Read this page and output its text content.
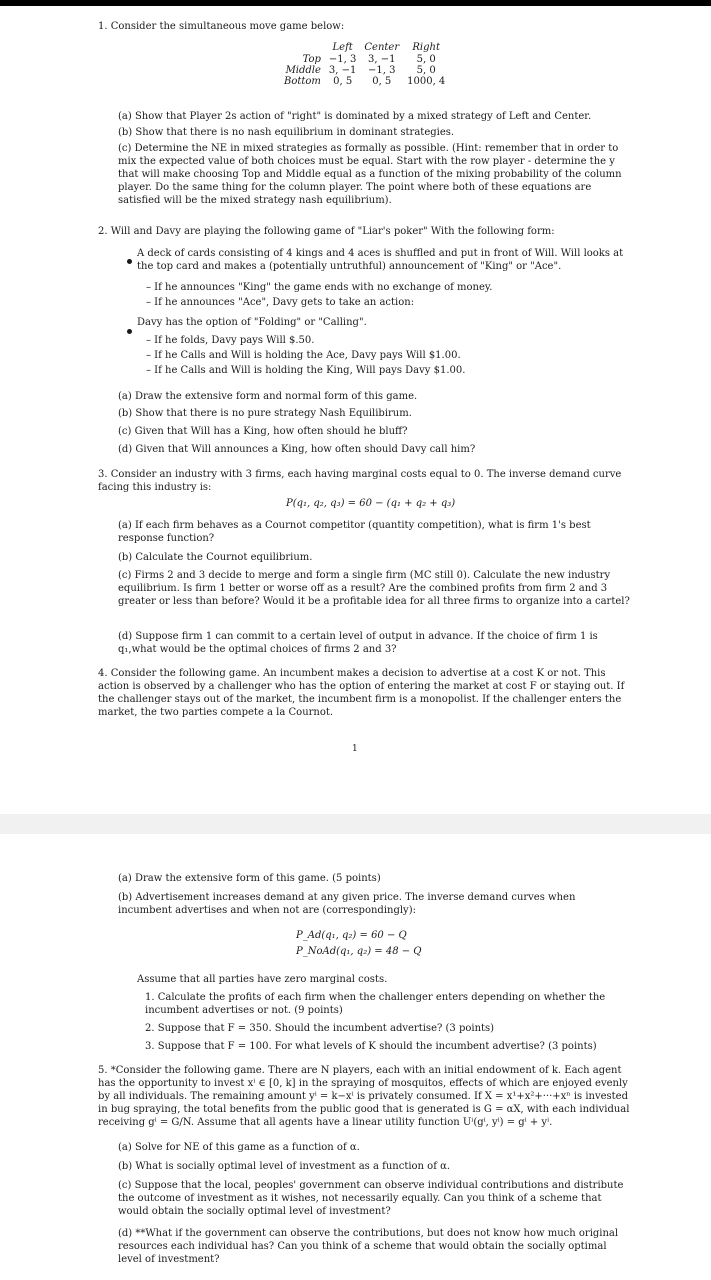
1. Consider the simultaneous move game below:
	Left	Center	Right
Top	−1, 3	3, −1	5, 0
Middle	3, −1	−1, 3	5, 0
Bottom	0, 5	0, 5	1000, 4
(a) Show that Player 2s action of "right" is dominated by a mixed strategy of Left and Center.
(b) Show that there is no nash equilibrium in dominant strategies.
(c) Determine the NE in mixed strategies as formally as possible. (Hint: remember that in order to mix the expected value of both choices must be equal. Start with the row player - determine the y that will make choosing Top and Middle equal as a function of the mixing probability of the column player. Do the same thing for the column player. The point where both of these equations are satisfied will be the mixed strategy nash equilibrium).
2. Will and Davy are playing the following game of "Liar's poker" With the following form:
A deck of cards consisting of 4 kings and 4 aces is shuffled and put in front of Will. Will looks at the top card and makes a (potentially untruthful) announcement of "King" or "Ace".
– If he announces "King" the game ends with no exchange of money.
– If he announces "Ace", Davy gets to take an action:
Davy has the option of "Folding" or "Calling".
– If he folds, Davy pays Will $.50.
– If he Calls and Will is holding the Ace, Davy pays Will $1.00.
– If he Calls and Will is holding the King, Will pays Davy $1.00.
(a) Draw the extensive form and normal form of this game.
(b) Show that there is no pure strategy Nash Equilibirum.
(c) Given that Will has a King, how often should he bluff?
(d) Given that Will announces a King, how often should Davy call him?
3. Consider an industry with 3 firms, each having marginal costs equal to 0. The inverse demand curve facing this industry is:
P(q₁, q₂, q₃) = 60 − (q₁ + q₂ + q₃)
(a) If each firm behaves as a Cournot competitor (quantity competition), what is firm 1's best response function?
(b) Calculate the Cournot equilibrium.
(c) Firms 2 and 3 decide to merge and form a single firm (MC still 0). Calculate the new industry equilibrium. Is firm 1 better or worse off as a result? Are the combined profits from firm 2 and 3 greater or less than before? Would it be a profitable idea for all three firms to organize into a cartel?
(d) Suppose firm 1 can commit to a certain level of output in advance. If the choice of firm 1 is q₁,what would be the optimal choices of firms 2 and 3?
4. Consider the following game. An incumbent makes a decision to advertise at a cost K or not. This action is observed by a challenger who has the option of entering the market at cost F or staying out. If the challenger stays out of the market, the incumbent firm is a monopolist. If the challenger enters the market, the two parties compete a la Cournot.
1
(a) Draw the extensive form of this game. (5 points)
(b) Advertisement increases demand at any given price. The inverse demand curves when incumbent advertises and when not are (correspondingly):
P_Ad(q₁, q₂) = 60 − Q
P_NoAd(q₁, q₂) = 48 − Q
Assume that all parties have zero marginal costs.
1. Calculate the profits of each firm when the challenger enters depending on whether the incumbent advertises or not. (9 points)
2. Suppose that F = 350. Should the incumbent advertise? (3 points)
3. Suppose that F = 100. For what levels of K should the incumbent advertise? (3 points)
5. *Consider the following game. There are N players, each with an initial endowment of k. Each agent has the opportunity to invest xⁱ ∈ [0, k] in the spraying of mosquitos, effects of which are enjoyed evenly by all individuals. The remaining amount yⁱ = k−xⁱ is privately consumed. If X = x¹+x²+···+xⁿ is invested in bug spraying, the total benefits from the public good that is generated is G = αX, with each individual receiving gⁱ = G/N. Assume that all agents have a linear utility function Uⁱ(gⁱ, yⁱ) = gⁱ + yⁱ.
(a) Solve for NE of this game as a function of α.
(b) What is socially optimal level of investment as a function of α.
(c) Suppose that the local, peoples' government can observe individual contributions and distribute the outcome of investment as it wishes, not necessarily equally. Can you think of a scheme that would obtain the socially optimal level of investment?
(d) **What if the government can observe the contributions, but does not know how much original resources each individual has? Can you think of a scheme that would obtain the socially optimal level of investment?
